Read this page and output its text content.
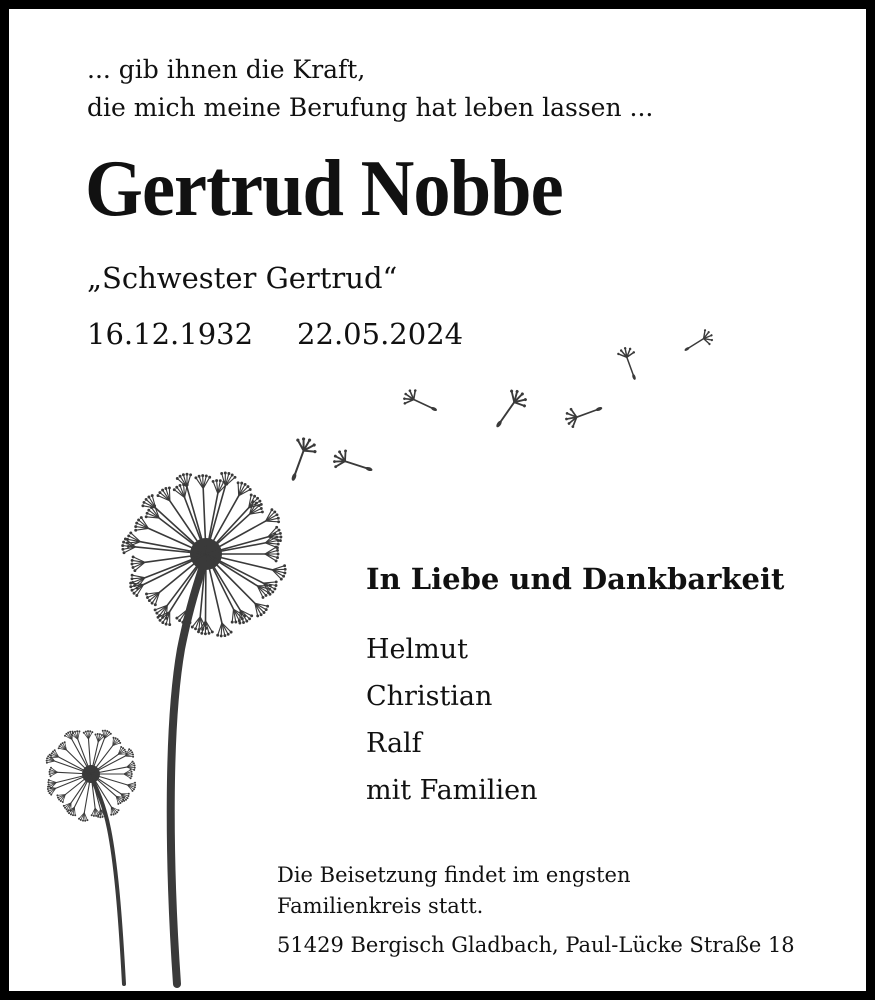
... gib ihnen die Kraft,
die mich meine Berufung hat leben lassen ...
Gertrud Nobbe
„Schwester Gertrud“
16.12.1932 22.05.2024
In Liebe und Dankbarkeit
Helmut
Christian
Ralf
mit Familien
Die Beisetzung findet im engsten
Familienkreis statt.
51429 Bergisch Gladbach, Paul-Lücke Straße 18
